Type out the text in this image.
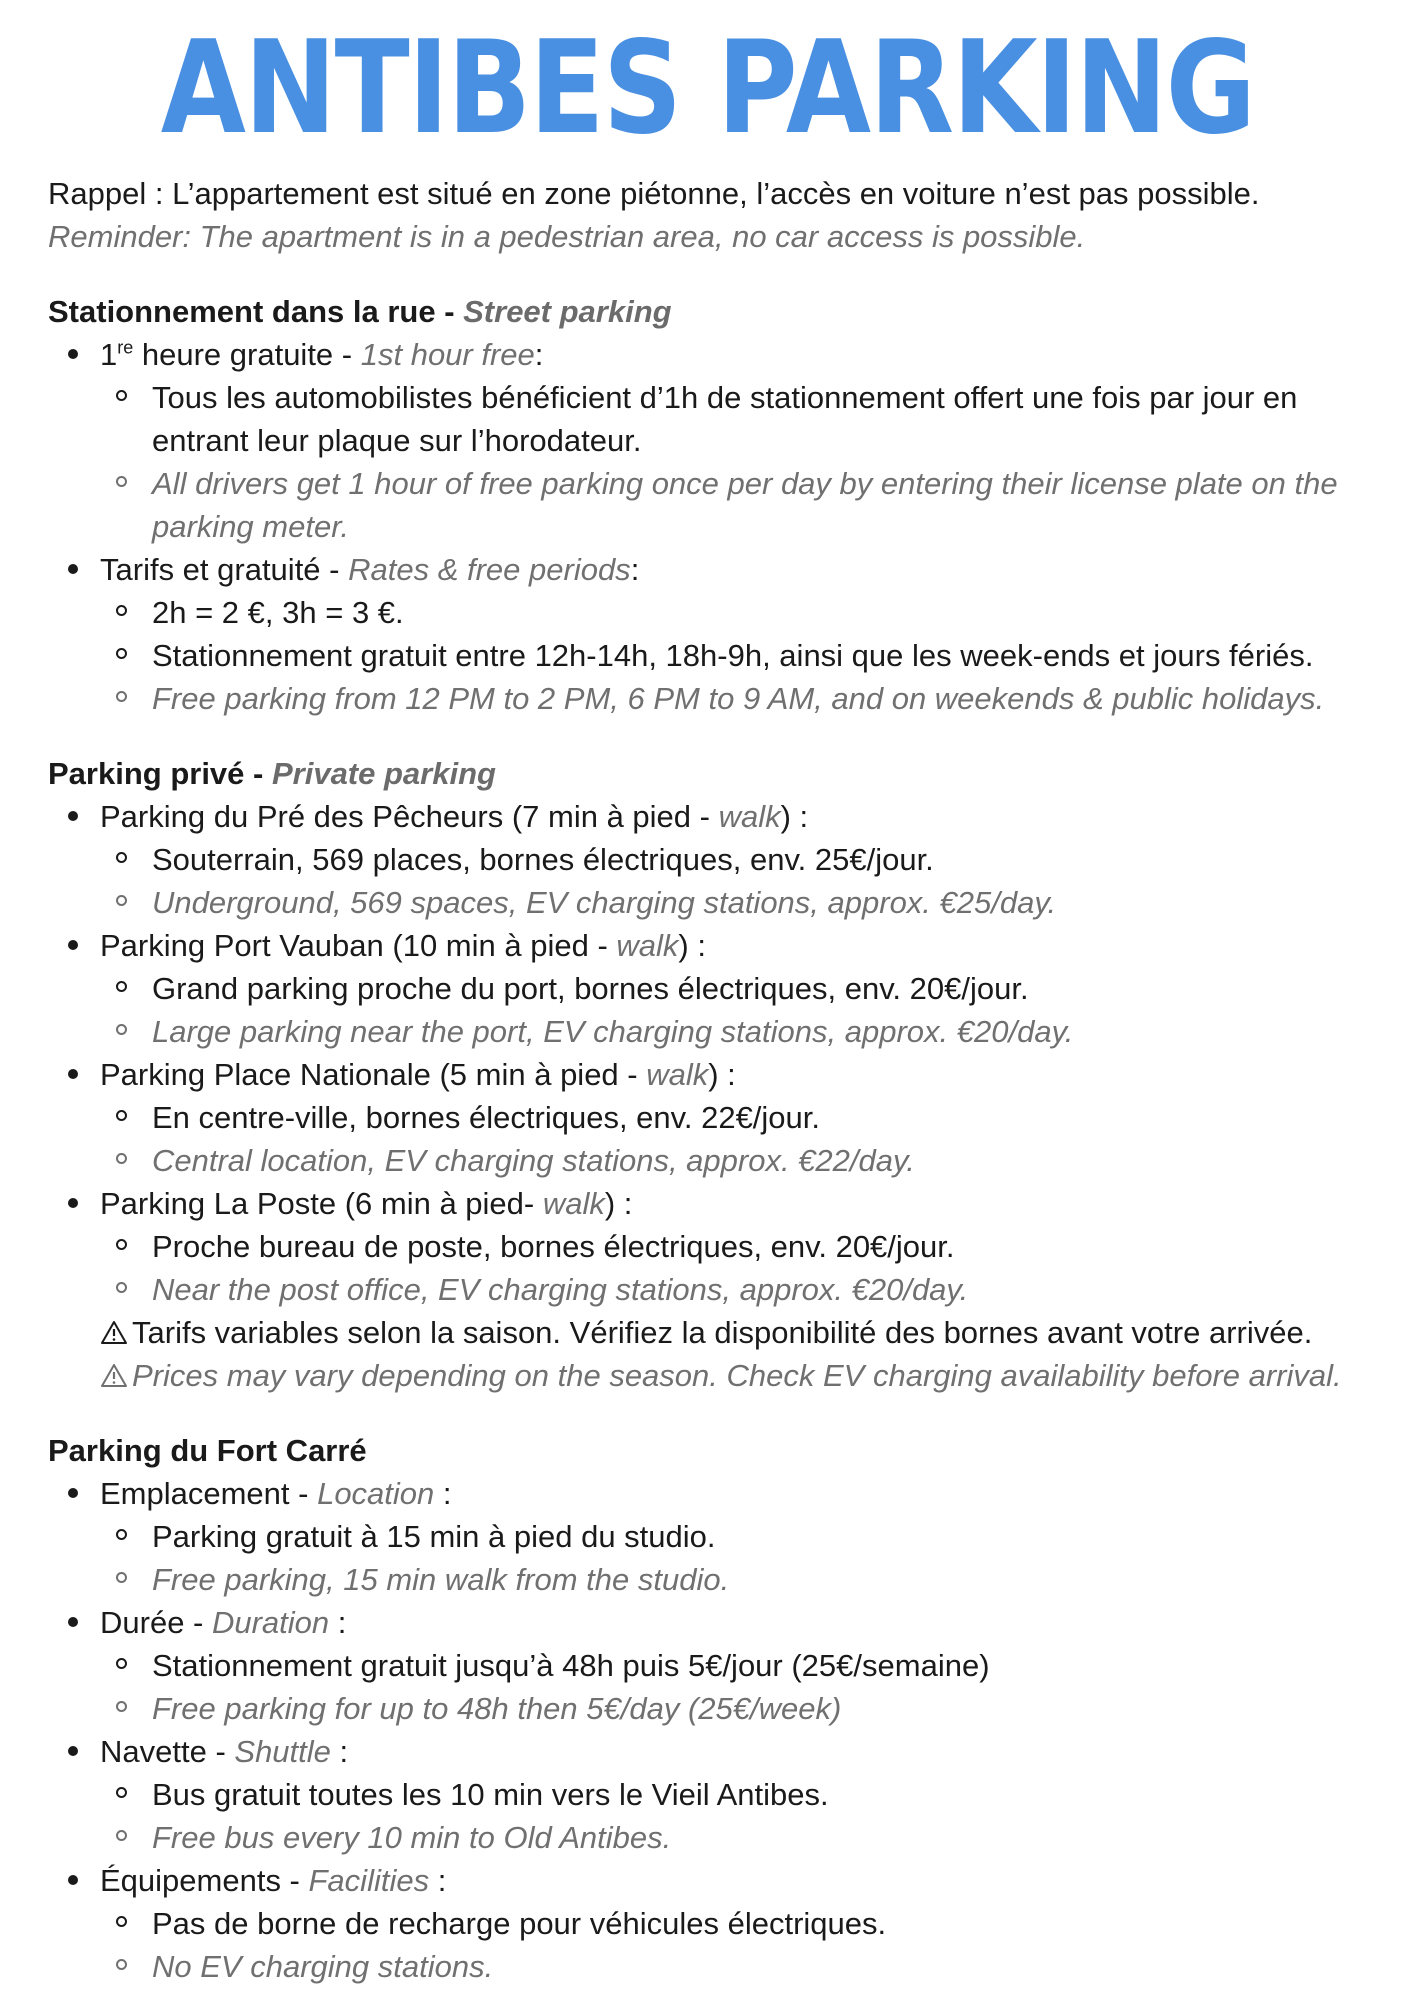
ANTIBES PARKING
Rappel : L’appartement est situé en zone piétonne, l’accès en voiture n’est pas possible.
Reminder: The apartment is in a pedestrian area, no car access is possible.
Stationnement dans la rue - Street parking
1re heure gratuite - 1st hour free:
Tous les automobilistes bénéficient d’1h de stationnement offert une fois par jour en entrant leur plaque sur l’horodateur.
All drivers get 1 hour of free parking once per day by entering their license plate on the parking meter.
Tarifs et gratuité - Rates & free periods:
2h = 2 €, 3h = 3 €.
Stationnement gratuit entre 12h-14h, 18h-9h, ainsi que les week-ends et jours fériés.
Free parking from 12 PM to 2 PM, 6 PM to 9 AM, and on weekends & public holidays.
Parking privé - Private parking
Parking du Pré des Pêcheurs (7 min à pied - walk) :
Souterrain, 569 places, bornes électriques, env. 25€/jour.
Underground, 569 spaces, EV charging stations, approx. €25/day.
Parking Port Vauban (10 min à pied - walk) :
Grand parking proche du port, bornes électriques, env. 20€/jour.
Large parking near the port, EV charging stations, approx. €20/day.
Parking Place Nationale (5 min à pied - walk) :
En centre-ville, bornes électriques, env. 22€/jour.
Central location, EV charging stations, approx. €22/day.
Parking La Poste (6 min à pied- walk) :
Proche bureau de poste, bornes électriques, env. 20€/jour.
Near the post office, EV charging stations, approx. €20/day.
Tarifs variables selon la saison. Vérifiez la disponibilité des bornes avant votre arrivée.
Prices may vary depending on the season. Check EV charging availability before arrival.
Parking du Fort Carré
Emplacement - Location :
Parking gratuit à 15 min à pied du studio.
Free parking, 15 min walk from the studio.
Durée - Duration :
Stationnement gratuit jusqu’à 48h puis 5€/jour (25€/semaine)
Free parking for up to 48h then 5€/day (25€/week)
Navette - Shuttle :
Bus gratuit toutes les 10 min vers le Vieil Antibes.
Free bus every 10 min to Old Antibes.
Équipements - Facilities :
Pas de borne de recharge pour véhicules électriques.
No EV charging stations.
